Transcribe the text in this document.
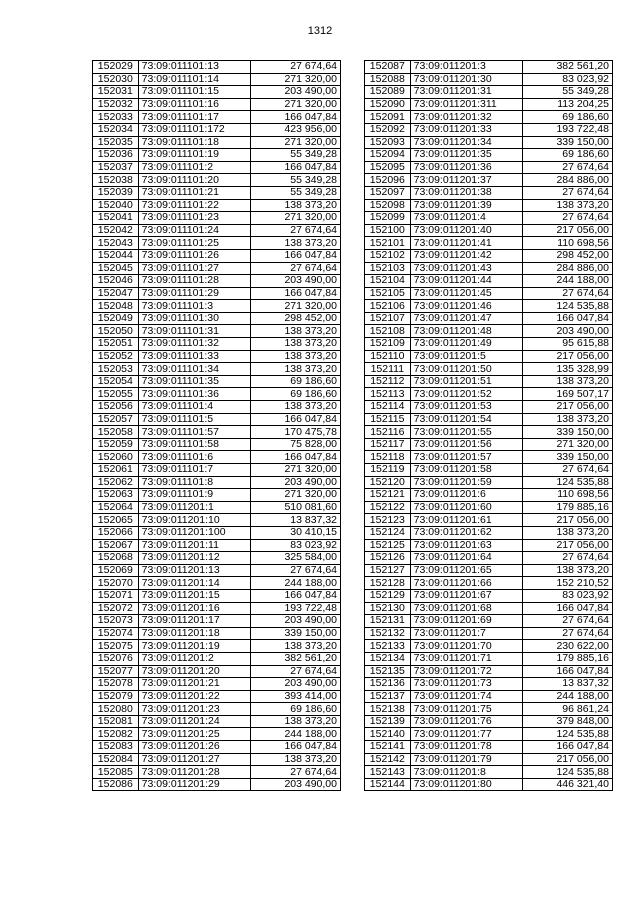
1312
152029	73:09:011101:13	27 674,64
152030	73:09:011101:14	271 320,00
152031	73:09:011101:15	203 490,00
152032	73:09:011101:16	271 320,00
152033	73:09:011101:17	166 047,84
152034	73:09:011101:172	423 956,00
152035	73:09:011101:18	271 320,00
152036	73:09:011101:19	55 349,28
152037	73:09:011101:2	166 047,84
152038	73:09:011101:20	55 349,28
152039	73:09:011101:21	55 349,28
152040	73:09:011101:22	138 373,20
152041	73:09:011101:23	271 320,00
152042	73:09:011101:24	27 674,64
152043	73:09:011101:25	138 373,20
152044	73:09:011101:26	166 047,84
152045	73:09:011101:27	27 674,64
152046	73:09:011101:28	203 490,00
152047	73:09:011101:29	166 047,84
152048	73:09:011101:3	271 320,00
152049	73:09:011101:30	298 452,00
152050	73:09:011101:31	138 373,20
152051	73:09:011101:32	138 373,20
152052	73:09:011101:33	138 373,20
152053	73:09:011101:34	138 373,20
152054	73:09:011101:35	69 186,60
152055	73:09:011101:36	69 186,60
152056	73:09:011101:4	138 373,20
152057	73:09:011101:5	166 047,84
152058	73:09:011101:57	170 475,78
152059	73:09:011101:58	75 828,00
152060	73:09:011101:6	166 047,84
152061	73:09:011101:7	271 320,00
152062	73:09:011101:8	203 490,00
152063	73:09:011101:9	271 320,00
152064	73:09:011201:1	510 081,60
152065	73:09:011201:10	13 837,32
152066	73:09:011201:100	30 410,15
152067	73:09:011201:11	83 023,92
152068	73:09:011201:12	325 584,00
152069	73:09:011201:13	27 674,64
152070	73:09:011201:14	244 188,00
152071	73:09:011201:15	166 047,84
152072	73:09:011201:16	193 722,48
152073	73:09:011201:17	203 490,00
152074	73:09:011201:18	339 150,00
152075	73:09:011201:19	138 373,20
152076	73:09:011201:2	382 561,20
152077	73:09:011201:20	27 674,64
152078	73:09:011201:21	203 490,00
152079	73:09:011201:22	393 414,00
152080	73:09:011201:23	69 186,60
152081	73:09:011201:24	138 373,20
152082	73:09:011201:25	244 188,00
152083	73:09:011201:26	166 047,84
152084	73:09:011201:27	138 373,20
152085	73:09:011201:28	27 674,64
152086	73:09:011201:29	203 490,00
152087	73:09:011201:3	382 561,20
152088	73:09:011201:30	83 023,92
152089	73:09:011201:31	55 349,28
152090	73:09:011201:311	113 204,25
152091	73:09:011201:32	69 186,60
152092	73:09:011201:33	193 722,48
152093	73:09:011201:34	339 150,00
152094	73:09:011201:35	69 186,60
152095	73:09:011201:36	27 674,64
152096	73:09:011201:37	284 886,00
152097	73:09:011201:38	27 674,64
152098	73:09:011201:39	138 373,20
152099	73:09:011201:4	27 674,64
152100	73:09:011201:40	217 056,00
152101	73:09:011201:41	110 698,56
152102	73:09:011201:42	298 452,00
152103	73:09:011201:43	284 886,00
152104	73:09:011201:44	244 188,00
152105	73:09:011201:45	27 674,64
152106	73:09:011201:46	124 535,88
152107	73:09:011201:47	166 047,84
152108	73:09:011201:48	203 490,00
152109	73:09:011201:49	95 615,88
152110	73:09:011201:5	217 056,00
152111	73:09:011201:50	135 328,99
152112	73:09:011201:51	138 373,20
152113	73:09:011201:52	169 507,17
152114	73:09:011201:53	217 056,00
152115	73:09:011201:54	138 373,20
152116	73:09:011201:55	339 150,00
152117	73:09:011201:56	271 320,00
152118	73:09:011201:57	339 150,00
152119	73:09:011201:58	27 674,64
152120	73:09:011201:59	124 535,88
152121	73:09:011201:6	110 698,56
152122	73:09:011201:60	179 885,16
152123	73:09:011201:61	217 056,00
152124	73:09:011201:62	138 373,20
152125	73:09:011201:63	217 056,00
152126	73:09:011201:64	27 674,64
152127	73:09:011201:65	138 373,20
152128	73:09:011201:66	152 210,52
152129	73:09:011201:67	83 023,92
152130	73:09:011201:68	166 047,84
152131	73:09:011201:69	27 674,64
152132	73:09:011201:7	27 674,64
152133	73:09:011201:70	230 622,00
152134	73:09:011201:71	179 885,16
152135	73:09:011201:72	166 047,84
152136	73:09:011201:73	13 837,32
152137	73:09:011201:74	244 188,00
152138	73:09:011201:75	96 861,24
152139	73:09:011201:76	379 848,00
152140	73:09:011201:77	124 535,88
152141	73:09:011201:78	166 047,84
152142	73:09:011201:79	217 056,00
152143	73:09:011201:8	124 535,88
152144	73:09:011201:80	446 321,40
